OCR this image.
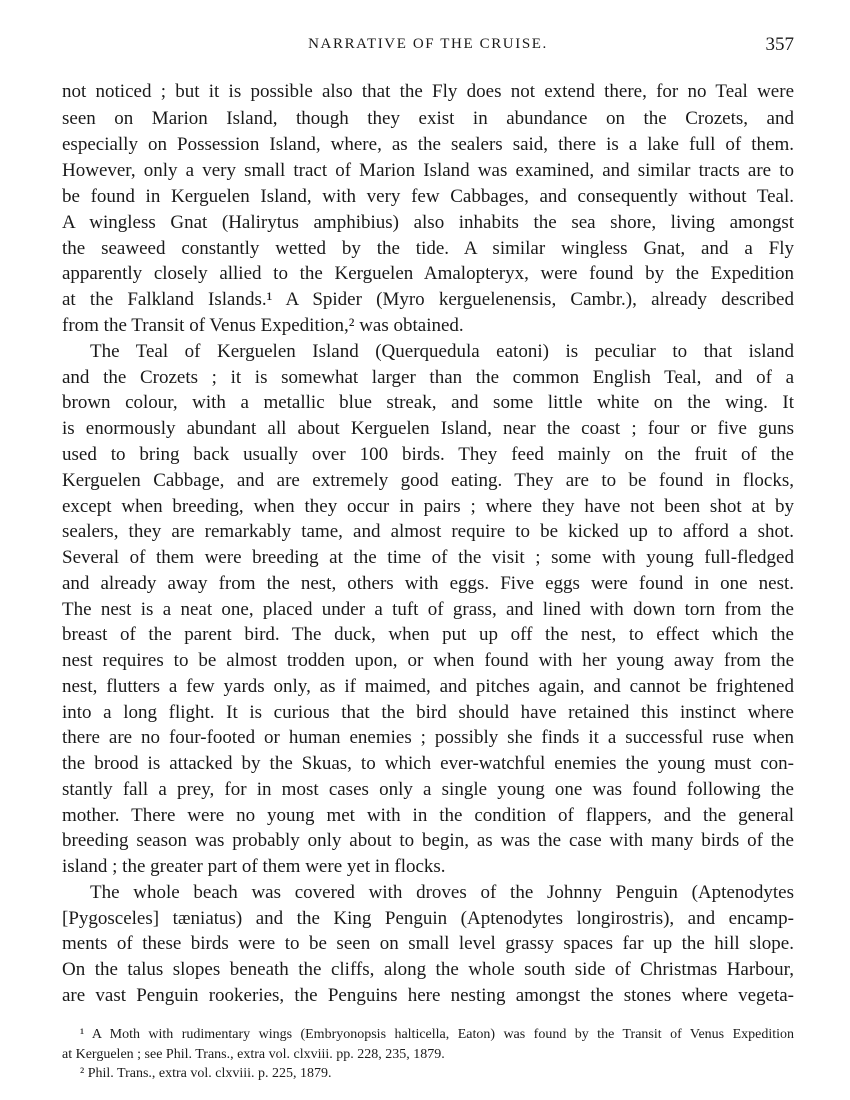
NARRATIVE OF THE CRUISE.	357
not noticed ; but it is possible also that the Fly does not extend there, for no Teal were
seen on Marion Island, though they exist in abundance on the Crozets, and
especially on Possession Island, where, as the sealers said, there is a lake full of them.
However, only a very small tract of Marion Island was examined, and similar tracts are to
be found in Kerguelen Island, with very few Cabbages, and consequently without Teal.
A wingless Gnat (Halirytus amphibius) also inhabits the sea shore, living amongst
the seaweed constantly wetted by the tide. A similar wingless Gnat, and a Fly
apparently closely allied to the Kerguelen Amalopteryx, were found by the Expedition
at the Falkland Islands.¹ A Spider (Myro kerguelenensis, Cambr.), already described
from the Transit of Venus Expedition,² was obtained.
The Teal of Kerguelen Island (Querquedula eatoni) is peculiar to that island
and the Crozets ; it is somewhat larger than the common English Teal, and of a
brown colour, with a metallic blue streak, and some little white on the wing. It
is enormously abundant all about Kerguelen Island, near the coast ; four or five guns
used to bring back usually over 100 birds. They feed mainly on the fruit of the
Kerguelen Cabbage, and are extremely good eating. They are to be found in flocks,
except when breeding, when they occur in pairs ; where they have not been shot at by
sealers, they are remarkably tame, and almost require to be kicked up to afford a shot.
Several of them were breeding at the time of the visit ; some with young full-fledged
and already away from the nest, others with eggs. Five eggs were found in one nest.
The nest is a neat one, placed under a tuft of grass, and lined with down torn from the
breast of the parent bird. The duck, when put up off the nest, to effect which the
nest requires to be almost trodden upon, or when found with her young away from the
nest, flutters a few yards only, as if maimed, and pitches again, and cannot be frightened
into a long flight. It is curious that the bird should have retained this instinct where
there are no four-footed or human enemies ; possibly she finds it a successful ruse when
the brood is attacked by the Skuas, to which ever-watchful enemies the young must con-
stantly fall a prey, for in most cases only a single young one was found following the
mother. There were no young met with in the condition of flappers, and the general
breeding season was probably only about to begin, as was the case with many birds of the
island ; the greater part of them were yet in flocks.
The whole beach was covered with droves of the Johnny Penguin (Aptenodytes
[Pygosceles] tæniatus) and the King Penguin (Aptenodytes longirostris), and encamp-
ments of these birds were to be seen on small level grassy spaces far up the hill slope.
On the talus slopes beneath the cliffs, along the whole south side of Christmas Harbour,
are vast Penguin rookeries, the Penguins here nesting amongst the stones where vegeta-
¹ A Moth with rudimentary wings (Embryonopsis halticella, Eaton) was found by the Transit of Venus Expedition
at Kerguelen ; see Phil. Trans., extra vol. clxviii. pp. 228, 235, 1879.
² Phil. Trans., extra vol. clxviii. p. 225, 1879.
